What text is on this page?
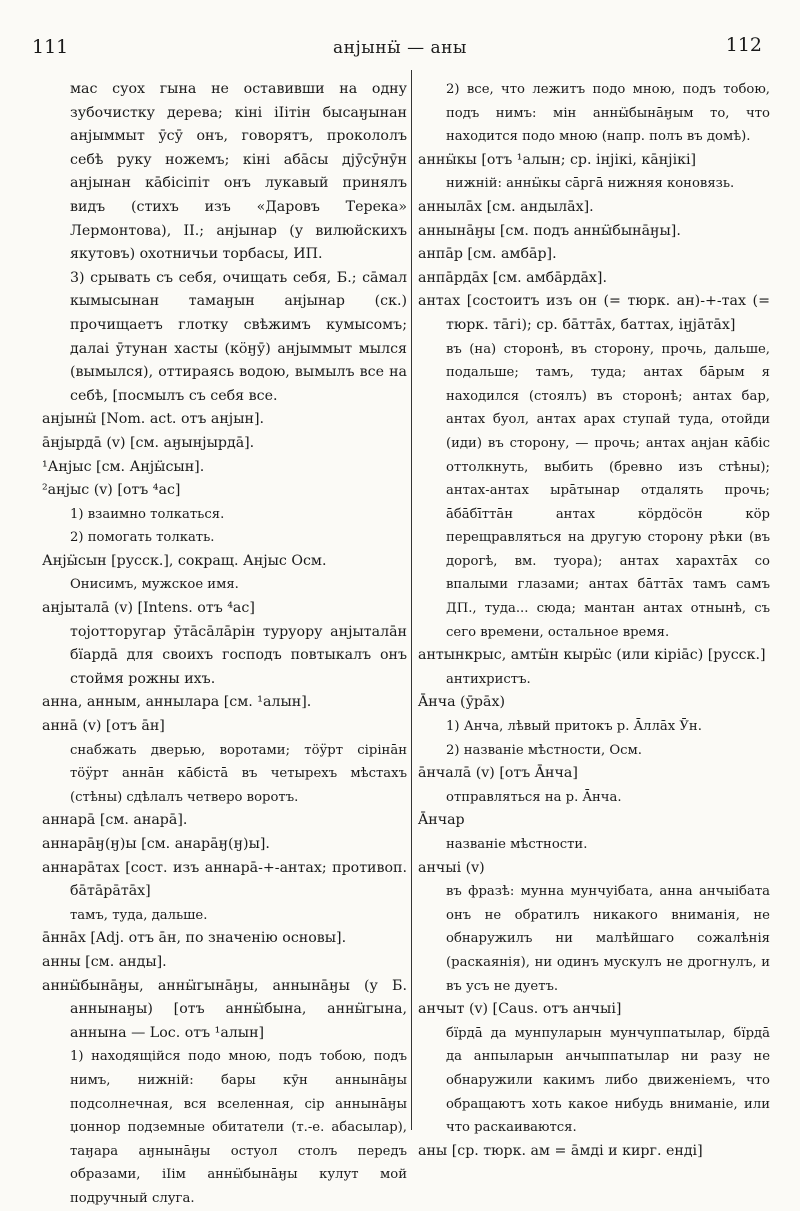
111	анјынӹ — аны	112
мас суох гына не оставивши на одну зубочистку дерева; кіні іӀітін бысаӈынан анјыммыт ӯсӯ онъ, говорятъ, прокололъ себѣ руку ножемъ; кіні абāсы дјӯсӯнӯн анјынан кāбісіпіт онъ лукавый принялъ видъ (стихъ изъ «Даровъ Терека» Лермонтова), ІІ.; анјынар (у вилюйскихъ якутовъ) охотничьи торбасы, ИП.
3) срывать съ себя, очищать себя, Б.; сāмал кымысынан тамаӈын анјынар (ск.) прочищаетъ глотку свѣжимъ кумысомъ; далаі ӯтунан хасты (кӧӈӯ) анјыммыт мылся (вымылся), оттираясь водою, вымылъ все на себѣ, [посмылъ съ себя все.
анјынӹ [Nom. act. отъ анјын].
āнјырдā (v) [см. аӈынјырдā].
¹Анјыс [см. Анјӹсын].
²анјыс (v) [отъ ⁴ас]
1) взаимно толкаться.
2) помогать толкать.
Анјӹсын [русск.], сокращ. Анјыс Осм.
Онисимъ, мужское имя.
анјыталā (v) [Intens. отъ ⁴ас]
тојотторугар ӯтāсāлāрін туруору анјыталāн бїардā для своихъ господъ повтыкалъ онъ стоймя рожны ихъ.
анна, анным, аннылара [см. ¹алын].
аннā (v) [отъ āн]
снабжать дверью, воротами; тӧӱрт сірінāн тӧӱрт аннāн кāбістā въ четырехъ мѣстахъ (стѣны) сдѣлалъ четверо воротъ.
аннарā [см. анарā].
аннарāӈ(ӈ)ы [см. анарāӈ(ӈ)ы].
аннарāтах [сост. изъ аннарā-+-антах; противоп. бāтāрāтāх]
тамъ, туда, дальше.
āннāх [Adj. отъ āн, по значенію основы].
анны [см. анды].
аннӹбынāӈы, аннӹгынāӈы, аннынāӈы (у Б. аннынаӈы) [отъ аннӹбына, аннӹгына, аннына — Loc. отъ ¹алын]
1) находящійся подо мною, подъ тобою, подъ нимъ, нижній: бары кӯн аннынāӈы подсолнечная, вся вселенная, сір аннынāӈы џоннор подземные обитатели (т.-е. абасылар), таӈара аӈнынāӈы остуол столъ передъ образами, іІім аннӹбынāӈы кулут мой подручный слуга.
2) все, что лежитъ подо мною, подъ тобою, подъ нимъ: мін аннӹбынāӈым то, что находится подо мною (напр. полъ въ домѣ).
аннӹкы [отъ ¹алын; ср. інјікі, кāнјікі]
нижній: аннӹкы сāргā нижняя коновязь.
аннылāх [см. андылāх].
аннынāӈы [см. подъ аннӹбынāӈы].
анпāр [см. амбāр].
анпāрдāх [см. амбāрдāх].
антах [состоитъ изъ он (= тюрк. ан)-+-тах (= тюрк. тāгі); ср. бāттāх, баттах, іӈјāтāх]
въ (на) сторонѣ, въ сторону, прочь, дальше, подальше; тамъ, туда; антах бāрым я находился (стоялъ) въ сторонѣ; антах бар, антах буол, антах арах ступай туда, отойди (иди) въ сторону, — прочь; антах анјан кāбіс оттолкнуть, выбить (бревно изъ стѣны); антах-антах ырāтынар отдалять прочь; āбāбīттāн антах кӧрдӧсӧн кӧр перещравляться на другую сторону рѣки (въ дорогѣ, вм. туора); антах харахтāх со впалыми глазами; антах бāттāх тамъ самъ ДП., туда... сюда; мантан антах отнынѣ, съ сего времени, остальное время.
антынкрыс, амтӹн кырӹс (или кіріāс) [русск.]
антихристъ.
Āнча (ӯрāх)
1) Анча, лѣвый притокъ р. Āллāх Ӯн.
2) названіе мѣстности, Осм.
āнчалā (v) [отъ Āнча]
отправляться на р. Āнча.
Āнчар
названіе мѣстности.
анчыі (v)
въ фразѣ: мунна мунчуібата, анна анчыібата онъ не обратилъ никакого вниманія, не обнаружилъ ни малѣйшаго сожалѣнія (раскаянія), ни одинъ мускулъ не дрогнулъ, и въ усъ не дуетъ.
анчыт (v) [Caus. отъ анчыі]
бїрдā да мунпуларын мунчуппатылар, бїрдā да анпыларын анчыппатылар ни разу не обнаружили какимъ либо движеніемъ, что обращаютъ хоть какое нибудь вниманіе, или что раскаиваются.
аны [ср. тюрк. ам = āмді и кирг. енді]
